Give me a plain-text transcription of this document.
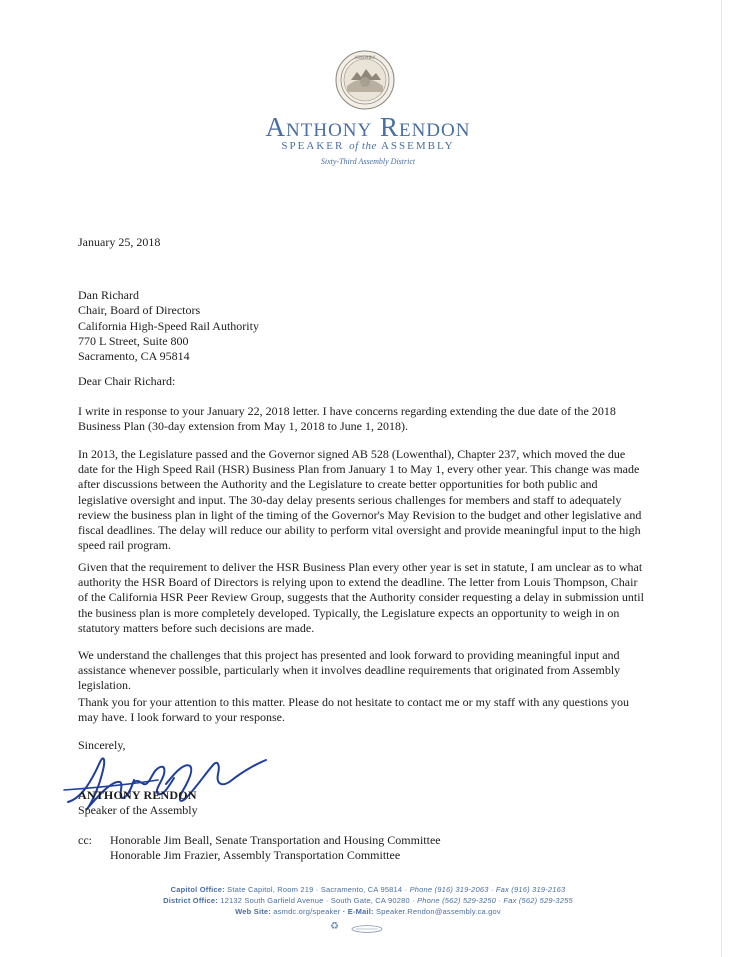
ASSEMBLY
Anthony Rendon
SPEAKER of the ASSEMBLY
Sixty-Third Assembly District
January 25, 2018
Dan Richard
Chair, Board of Directors
California High-Speed Rail Authority
770 L Street, Suite 800
Sacramento, CA 95814
Dear Chair Richard:
I write in response to your January 22, 2018 letter. I have concerns regarding extending the due date of the 2018 Business Plan (30-day extension from May 1, 2018 to June 1, 2018).
In 2013, the Legislature passed and the Governor signed AB 528 (Lowenthal), Chapter 237, which moved the due date for the High Speed Rail (HSR) Business Plan from January 1 to May 1, every other year. This change was made after discussions between the Authority and the Legislature to create better opportunities for both public and legislative oversight and input. The 30-day delay presents serious challenges for members and staff to adequately review the business plan in light of the timing of the Governor's May Revision to the budget and other legislative and fiscal deadlines. The delay will reduce our ability to perform vital oversight and provide meaningful input to the high speed rail program.
Given that the requirement to deliver the HSR Business Plan every other year is set in statute, I am unclear as to what authority the HSR Board of Directors is relying upon to extend the deadline. The letter from Louis Thompson, Chair of the California HSR Peer Review Group, suggests that the Authority consider requesting a delay in submission until the business plan is more completely developed. Typically, the Legislature expects an opportunity to weigh in on statutory matters before such decisions are made.
We understand the challenges that this project has presented and look forward to providing meaningful input and assistance whenever possible, particularly when it involves deadline requirements that originated from Assembly legislation.
Thank you for your attention to this matter. Please do not hesitate to contact me or my staff with any questions you may have. I look forward to your response.
Sincerely,
ANTHONY RENDON
Speaker of the Assembly
cc:	Honorable Jim Beall, Senate Transportation and Housing Committee
Honorable Jim Frazier, Assembly Transportation Committee
Capitol Office: State Capitol, Room 219 · Sacramento, CA 95814 · Phone (916) 319-2063 · Fax (916) 319-2163
District Office: 12132 South Garfield Avenue · South Gate, CA 90280 · Phone (562) 529-3250 · Fax (562) 529-3255
Web Site: asmdc.org/speaker · E-Mail: Speaker.Rendon@assembly.ca.gov
♻
